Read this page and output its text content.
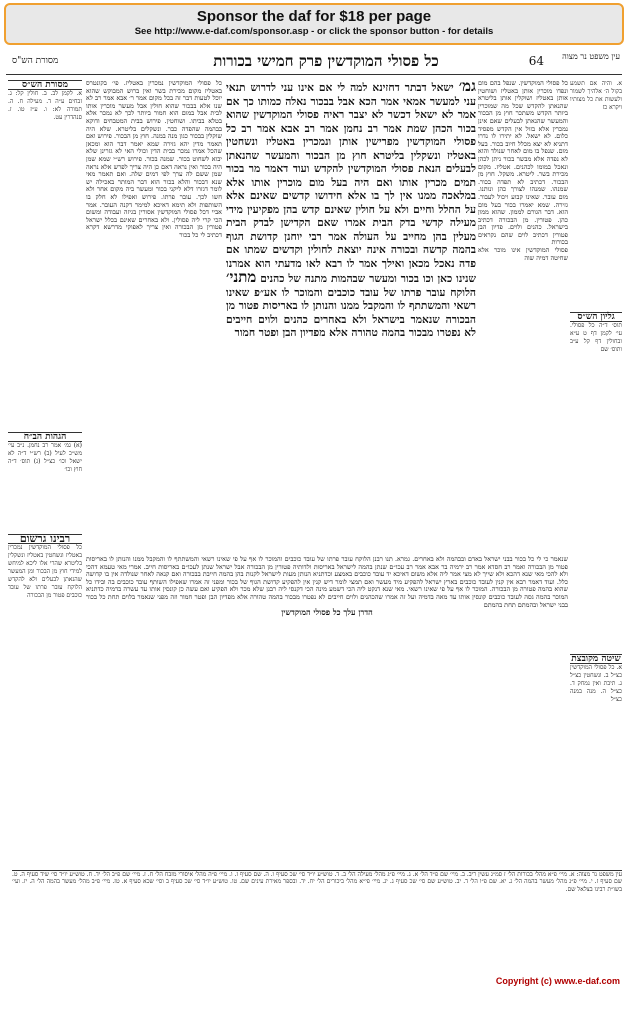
Sponsor the daf for $18 per page
See http://www.e-daf.com/sponsor.asp - or click the sponsor button - for details
מסורת הש"ס	כל פסולי המוקדשין פרק חמישי בכורות	64	עין משפט נר מצוה
מסורת הש״ס
א. לקמן לב. ב. חולין קל: ג. זבחים ע״ה ד. מעילה ח. ה. תמורה לא: ו. ע״ז טו. ז. סנהדרין עט.
הגהות הב״ח
(א) גמ׳ אמר רב נחמן. נ״ב עי׳ מש״כ לעיל (ב) רש״י ד״ה לא ישאל וכו׳ כצ״ל (ג) תוס׳ ד״ה חוץ וכו׳
רבינו גרשום
כל פסולי המוקדשין נמכרין באטליז ונשחטין באטליז ונשקלין בליטרא שהרי אלו ליכא למיחש למידי חוץ מן הבכור ומן המעשר שהנאתן לבעלים ולא להקדש הלוקח עובר פרתו של עובד כוכבים פטור מן הבכורה
כל פסולי המוקדשין נמכרין באטליז. פי׳ בקונטרס באטליז מקום מכירת בשר ואין ברוש המבוקש שהוא יוכל לטעות דבר זה בכל מקום אמר ר׳ אבא אמר רב לא שנו אלא בבכור שהוא חולין אבל מעשר מוכרין אותו לבית אבל במום הוא חמור ביותר לכך לא נמכר אלא בטלא בביתו. ושוחטין. פירוש בבית המטבחים ודוקא בבהמה שהפדה כבר. ונשקלים בליטרא. שלא היה שוקלין בבכור כגון מנה במנה. חוץ מן הבכור. פירוש ואם תאמר מדין יהא גזירה שמא יאמר דבר הוא ומכאן שהכל אמרו נמכר בבית הדין וכולי האי לא גזרינן שלא יבוא לשחוט בכור. שמנה בכור. פירוש רש״י שמא שמן היה בכור ואין נראה דאם כן היה צריך לפרש אלא נראה שמן ששם לה ערך לפי דמים שלה. ואם תאמר מאי שנא דבכור והלא בכור הוא דבר המותר באכילה יש לומר דגזרו דלא ליקני בכור ומעשר ביה מקום אחר ולא חשו לכך. עובר פרתו. פירוש ואפילו לא חלק בו השותפות ולא תימא דאיכא למימר דקנה העובר. אמר אביי דכל פסולי המוקדשין אסורין בגיזה ועבודה ומשום הכי קרי ליה פסולין. ולא באחרים שאינם בכלל ישראל פטורין מן הבכורה ואין צריך לאפוקי מדרשא דקרא דכתיב לי כל בכור
גמ׳ ישאל דבתר דחזינא למה לי אם אינו עני לדרוש תנאי עני למעשר אמאי אמר הכא אבל בבכור נאלה כמותו כך אם אמר לא ישאל דכשר לא יצבר ראיה פסולי המוקדשין שהוא בכור הכהן שמת אמר רב נחמן אמר רב אבא אמר רב כל פסולי המוקדשין מפרישין אותן ונמכרין באטליז ונשחטין באטליז ונשקלין בליטרא חוץ מן הבכור והמעשר שהנאתן לבעלים הנאת פסולי המוקדשין להקדש ועוד דאמר מר בכור תמים מכרין אותו ואם היה בעל מום מוכרין אותו אלא במלאכה ממנו אין לך בו אלא חידושו קדשים שאינם אלא על החלל וחיים ולא על חולין שאינם קדש בהן מפקיעין מידי מעילה קדשי בדק הבית אמרו שאם הקדישן לבדק הבית מעלין בהן מחייב על העולה אמר רבי יוחנן קדושת הגוף בהמה קדשה ובכורה אינה יוצאת לחולין וקדשים שמתו אם פדה נאכל מכאן ואילך אמר לו רבא לאו מדעתי הוא אמרנו שנינו כאן וכו בכור ומעשר שבהמות מתנה של כהנים מתני׳ הלוקח עובר פרתו של עובד כוכבים והמוכר לו אע״פ שאינו רשאי והמשתתף לו והמקבל ממנו והנותן לו באריסות פטור מן הבכורה שנאמר בישראל ולא באחרים כהנים ולוים חייבים לא נפטרו מבכור בהמה טהורה אלא מפדיון הבן ופטר חמור
כל פסולי המוקדשין. שנפל בהם מום ונפדו מוכרין אותן באטליז ושוחטין אותן באטליז ושוקלין אותן בליטרא שהנאתן להקדש שכל מה שמוכרין ביותר הקדש משתכר חוץ מן הבכור והמעשר שהנאתן לבעלים שאם אינן נמכרין אלא בזול אין הקדש מפסיד כלום. לא ישאל. לא יתירו לו נדרו דתניא לא יצא מכלל חיוב בכור. בעל מום. שנפל בו מום לאחר שנולד והוא לא נפדה אלא מבשר בכור ניתן לכהן ונאכל במומו לכהנים. אטליז. מקום מכירת בשר. ליטרא. משקל. חוץ מן הבכור. דכתיב לא תפדה בכור. שמנהו. שמנהו לצורך כהן ונותנו. מום עובר. שאינו קבוע ויכול לעבור. גזירה. שמא יאמרו בכור בעל מום הוא. דבר הגורם לממון. שהוא ממון כהן. פטורין. מן הבכורה דכתיב בישראל. כהנים ולוים. פדיון הבן פטורין דכתיב לוים שהם נקראים בכורות
פסולי המוקדשין אינו מוכר אלא שחיטה דמיה שוה
א. והיה אם תשמע בקול ה׳ אלהיך לשמור ולעשות את כל מצותיו ויקרא כז
גליון הש״ס
תוס׳ ד״ה כל פסולי. עי׳ לקמן דף ט ע״א ובחולין דף קל ע״ב ותוס׳ שם
שיטה מקובצת
א. כל פסולי המוקדשין כצ״ל ב. ונשחטין כצ״ל ג. תיבת ואין נמחק ד. כצ״ל ה. מנה במנה כצ״ל
שנאמר כי לי כל בכור בבני ישראל באדם ובבהמה ולא באחרים. גמרא. תנו רבנן הלוקח עובר פרתו של עובד כוכבים והמוכר לו אף על פי שאינו רשאי והמשתתף לו והמקבל ממנו והנותן לו באריסות פטור מן הבכורה ואמר רב חסדא אמר רב ירמיה בר אבא אמר רב עכו״ם שנתן בהמה לישראל באריסות ולדותיה פטורין מן הבכורה אבל ישראל שנתן לעכו״ם באריסות חייב. אמרי מאי טעמא דהכי ולא להכי מאי שנא דהכא ולא שייך לא מצי אמר ליה אלא משום דאיכא יד עובד כוכבים באמצע וכדתניא הנותן מעות לישראל לקנות בהן בהמה חייבת בבכורה ואם קנאה לאחר שנולדה אין בו קדושה כלל. ועוד דאמר רבא אין קנין לעובד כוכבים בארץ ישראל להפקיע מיד מעשר ואם תמצי לומר דיש קנין אין להפקיע קדושת הגוף של בכור ומפני זה אמרו שאפילו השותף עובד כוכבים בה ובידו כל שהוא בהמה פטורה מן הבכורה. המוכר לו אף על פי שאינו רשאי. מאי שנא דנקט ליה הכי דשמע מינה הכי דקנסי ליה רבנן שלא מכר ולא הפקיע ואם עשה כן קונסין אותו עד עשרה בדמיה כדתניא המוכר בהמה גסה לעובד כוכבים קונסין אותו עד מאה בדמיה ועל זה אמרו שהכהנים ולוים חייבים לא נפטרו מבכור בהמה טהורה אלא מפדיון הבן ופטר חמור וזה מפני שנאמר בלוים תחת כל בכור בבני ישראל ובהמתם תחת בהמתם
הדרן עלך כל פסולי המוקדשין
עין משפט נר מצוה: א. מיי׳ פ״א מהל׳ בכורות הל׳ ז סמ״ג עשין ריב. ב. מיי׳ שם פ״ד הל׳ א. ג. מיי׳ פ״ג מהל׳ מעילה הל׳ ב. ד. טוש״ע יו״ד סי׳ שכ סעיף ו. ה. שם סעיף ז. ו. מיי׳ פ״ה מהל׳ איסורי מזבח הל׳ ח. ז. מיי׳ שם פ״ב הל׳ יד. ח. טוש״ע יו״ד סי׳ שיד סעיף ה. ט. שם סעיף ז. י. מיי׳ פ״ג מהל׳ מעשר בהמה הל׳ ג. יא. שם פ״ו הל׳ ד. יב. טוש״ע שם סי׳ שכ סעיף ג. יג. מיי׳ פי״א מהל׳ ביכורים הל׳ יח. יד. ובספר מאירת עינים שם. טו. טוש״ע יו״ד סי׳ שכ סעיף ב וסי׳ שכא סעיף א. טז. מיי׳ פ״ב מהל׳ מעשר בהמה הל׳ ה. יז. ועי׳ בשו״ת רבינו בצלאל שם.
Copyright (c) www.e-daf.com
